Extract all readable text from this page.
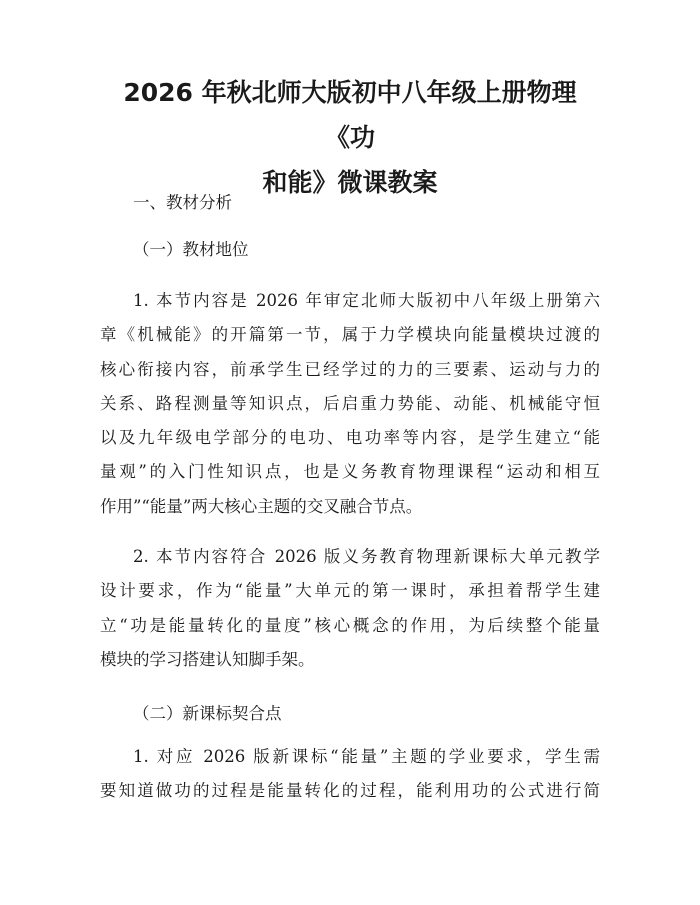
2026 年秋北师大版初中八年级上册物理《功
和能》微课教案

一、教材分析

（一）教材地位

1. 本节内容是 2026 年审定北师大版初中八年级上册第六
章《机械能》的开篇第一节，属于力学模块向能量模块过渡的
核心衔接内容，前承学生已经学过的力的三要素、运动与力的
关系、路程测量等知识点，后启重力势能、动能、机械能守恒
以及九年级电学部分的电功、电功率等内容，是学生建立“能
量观”的入门性知识点，也是义务教育物理课程“运动和相互
作用”“能量”两大核心主题的交叉融合节点。
2. 本节内容符合 2026 版义务教育物理新课标大单元教学
设计要求，作为“能量”大单元的第一课时，承担着帮学生建
立“功是能量转化的量度”核心概念的作用，为后续整个能量
模块的学习搭建认知脚手架。

（二）新课标契合点

1. 对应 2026 版新课标“能量”主题的学业要求，学生需
要知道做功的过程是能量转化的过程，能利用功的公式进行简
